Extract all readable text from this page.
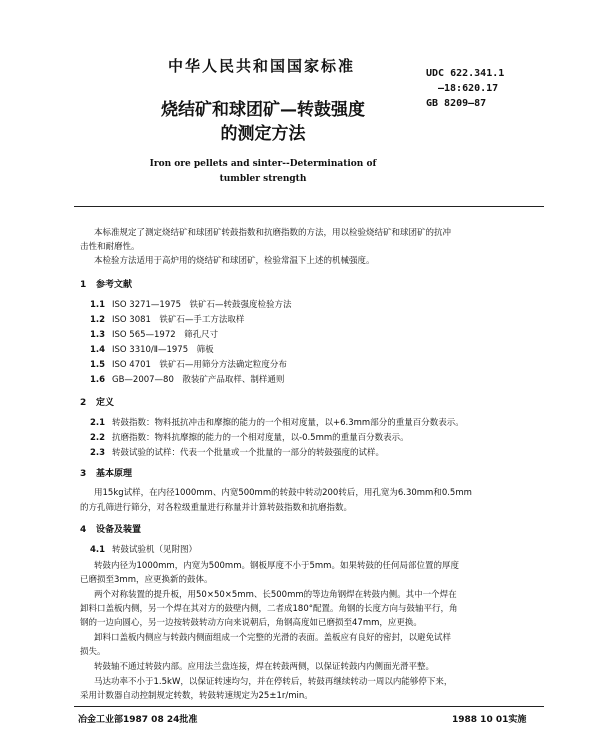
中华人民共和国国家标准	UDC 622.341.1
—18:620.17
GB 8209—87
烧结矿和球团矿—转鼓强度
的测定方法
Iron ore pellets and sinter--Determination of
tumbler strength
本标准规定了测定烧结矿和球团矿转鼓指数和抗磨指数的方法，用以检验烧结矿和球团矿的抗冲
击性和耐磨性。
本检验方法适用于高炉用的烧结矿和球团矿，检验常温下上述的机械强度。
1 参考文献
1.1 ISO 3271—1975　铁矿石—转鼓强度检验方法
1.2 ISO 3081　铁矿石—手工方法取样
1.3 ISO 565—1972　筛孔尺寸
1.4 ISO 3310/Ⅱ—1975　筛板
1.5 ISO 4701　铁矿石—用筛分方法确定粒度分布
1.6 GB—2007—80　散装矿产品取样、制样通则
2 定义
2.1 转鼓指数：物料抵抗冲击和摩擦的能力的一个相对度量，以+6.3mm部分的重量百分数表示。
2.2 抗磨指数：物料抗摩擦的能力的一个相对度量，以-0.5mm的重量百分数表示。
2.3 转鼓试验的试样：代表一个批量或一个批量的一部分的转鼓强度的试样。
3 基本原理
用15kg试样，在内径1000mm、内宽500mm的转鼓中转动200转后，用孔宽为6.30mm和0.5mm
的方孔筛进行筛分，对各粒级重量进行称量并计算转鼓指数和抗磨指数。
4 设备及装置
4.1 转鼓试验机（见附图）
转鼓内径为1000mm，内宽为500mm。钢板厚度不小于5mm。如果转鼓的任何局部位置的厚度
已磨损至3mm，应更换新的鼓体。
两个对称装置的提升板，用50×50×5mm、长500mm的等边角钢焊在转鼓内侧。其中一个焊在
卸料口盖板内侧，另一个焊在其对方的鼓壁内侧，二者成180°配置。角钢的长度方向与鼓轴平行，角
钢的一边向圆心，另一边按转鼓转动方向来说朝后，角钢高度如已磨损至47mm，应更换。
卸料口盖板内侧应与转鼓内侧面组成一个完整的光滑的表面。盖板应有良好的密封，以避免试样
损失。
转鼓轴不通过转鼓内部。应用法兰盘连接，焊在转鼓两侧，以保证转鼓内内侧面光滑平整。
马达功率不小于1.5kW，以保证转速均匀，并在停转后，转鼓再继续转动一周以内能够停下来，
采用计数器自动控制规定转数，转鼓转速规定为25±1r/min。
冶金工业部1987 08 24批准	1988 10 01实施
